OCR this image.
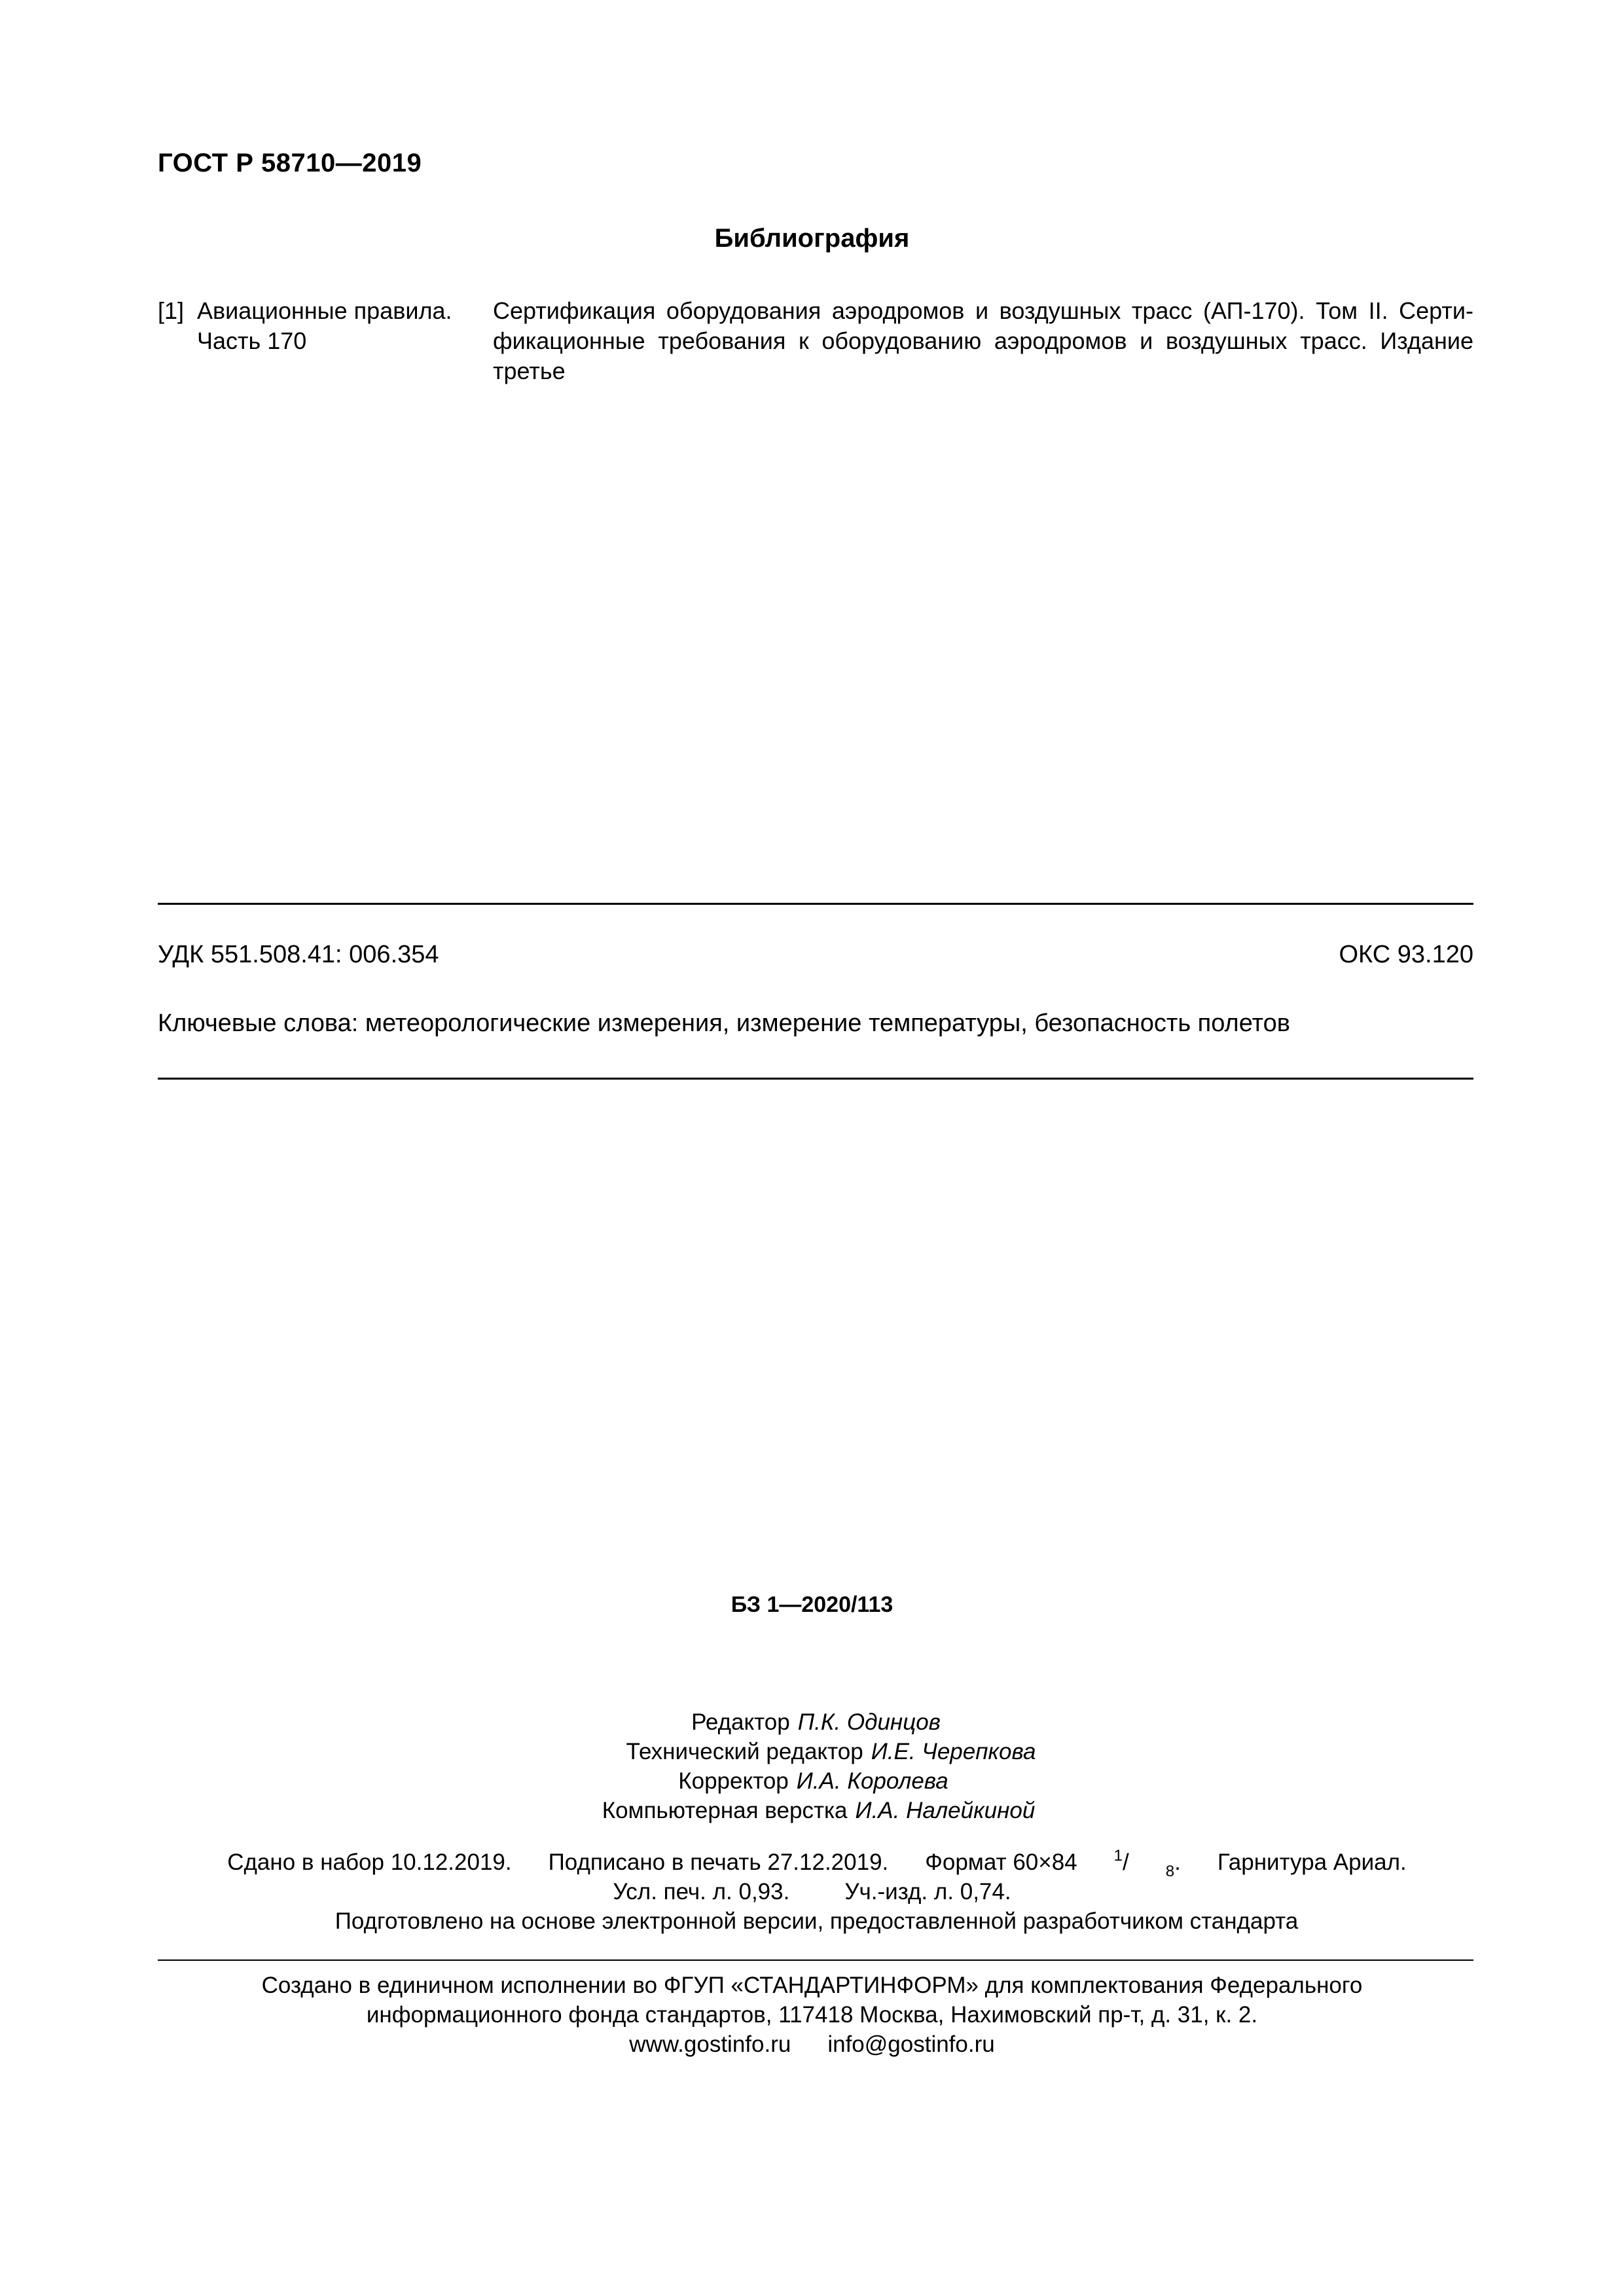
ГОСТ Р 58710—2019
Библиография
[1] Авиационные правила.
Часть 170
Сертификация оборудования аэродромов и воздушных трасс (АП-170). Том II. Сертификационные требования к оборудованию аэродромов и воздушных трасс. Издание третье
УДК 551.508.41: 006.354	ОКС 93.120
Ключевые слова: метеорологические измерения, измерение температуры, безопасность полетов
БЗ 1—2020/113
Редактор П.К. Одинцов
Технический редактор И.Е. Черепкова
Корректор И.А. Королева
Компьютерная верстка И.А. Налейкиной
Сдано в набор 10.12.2019. Подписано в печать 27.12.2019. Формат 60×84 $^1$/ $_8$. Гарнитура Ариал.
Усл. печ. л. 0,93. Уч.-изд. л. 0,74.
Подготовлено на основе электронной версии, предоставленной разработчиком стандарта
Создано в единичном исполнении во ФГУП «СТАНДАРТИНФОРМ» для комплектования Федерального
информационного фонда стандартов, 117418 Москва, Нахимовский пр-т, д. 31, к. 2.
www.gostinfo.ru info@gostinfo.ru
